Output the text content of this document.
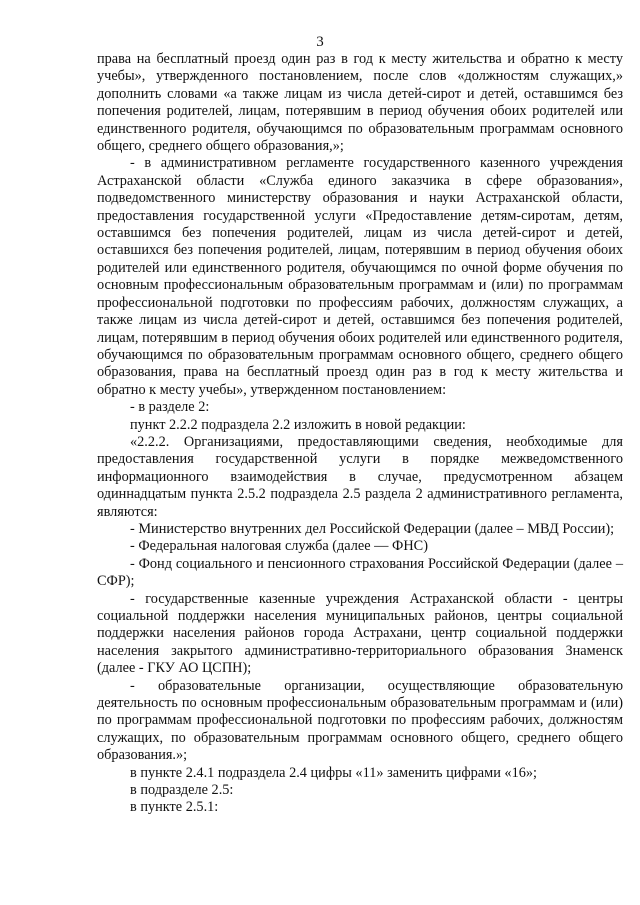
3

права на бесплатный проезд один раз в год к месту жительства и обратно к месту учебы», утвержденного постановлением, после слов «должностям служащих,» дополнить словами «а также лицам из числа детей-сирот и детей, оставшимся без попечения родителей, лицам, потерявшим в период обучения обоих родителей или единственного родителя, обучающимся по образовательным программам основного общего, среднего общего образования,»;

- в административном регламенте государственного казенного учреждения Астраханской области «Служба единого заказчика в сфере образования», подведомственного министерству образования и науки Астраханской области, предоставления государственной услуги «Предоставление детям-сиротам, детям, оставшимся без попечения родителей, лицам из числа детей-сирот и детей, оставшихся без попечения родителей, лицам, потерявшим в период обучения обоих родителей или единственного родителя, обучающимся по очной форме обучения по основным профессиональным образовательным программам и (или) по программам профессиональной подготовки по профессиям рабочих, должностям служащих, а также лицам из числа детей-сирот и детей, оставшимся без попечения родителей, лицам, потерявшим в период обучения обоих родителей или единственного родителя, обучающимся по образовательным программам основного общего, среднего общего образования, права на бесплатный проезд один раз в год к месту жительства и обратно к месту учебы», утвержденном постановлением:

- в разделе 2:

пункт 2.2.2 подраздела 2.2 изложить в новой редакции:

«2.2.2. Организациями, предоставляющими сведения, необходимые для предоставления государственной услуги в порядке межведомственного информационного взаимодействия в случае, предусмотренном абзацем одиннадцатым пункта 2.5.2 подраздела 2.5 раздела 2 административного регламента, являются:

- Министерство внутренних дел Российской Федерации (далее – МВД России);

- Федеральная налоговая служба (далее — ФНС)

- Фонд социального и пенсионного страхования Российской Федерации (далее – СФР);

- государственные казенные учреждения Астраханской области - центры социальной поддержки населения муниципальных районов, центры социальной поддержки населения районов города Астрахани, центр социальной поддержки населения закрытого административно-территориального образования Знаменск (далее - ГКУ АО ЦСПН);

- образовательные организации, осуществляющие образовательную деятельность по основным профессиональным образовательным программам и (или) по программам профессиональной подготовки по профессиям рабочих, должностям служащих, по образовательным программам основного общего, среднего общего образования.»;

в пункте 2.4.1 подраздела 2.4 цифры «11» заменить цифрами «16»;

в подразделе 2.5:

в пункте 2.5.1:
